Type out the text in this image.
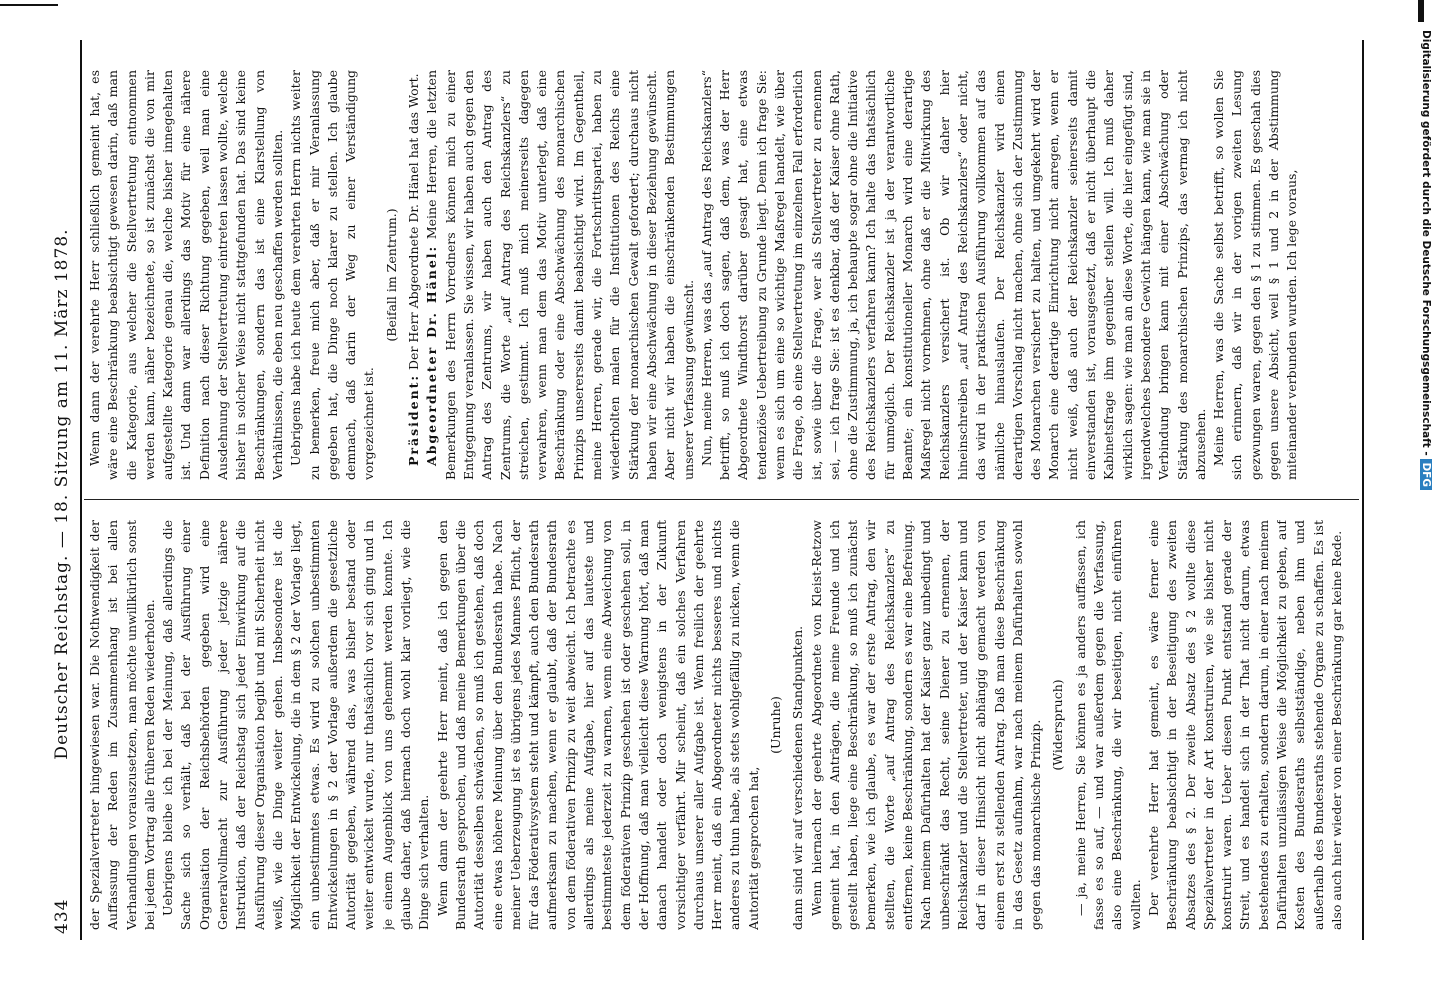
434
Deutscher Reichstag. — 18. Sitzung am 11. März 1878. der Spezialvertreter hingewiesen war. Die Nothwendigkeit der Auffassung der Reden im Zusammenhang ist bei allen Verhandlungen vorauszusetzen, man möchte unwillkürlich sonst bei jedem Vortrag alle früheren Reden wiederholen. Uebrigens bleibe ich bei der Meinung, daß allerdings die Sache sich so verhält, daß bei der Ausführung einer Organisation der Reichsbehörden gegeben wird eine Generalvollmacht zur Ausführung jeder jetzige nähere Instruktion, daß der Reichstag sich jeder Einwirkung auf die Ausführung dieser Organisation begibt und mit Sicherheit nicht weiß, wie die Dinge weiter gehen. Insbesondere ist die Möglichkeit der Entwickelung, die in dem § 2 der Vorlage liegt, ein unbestimmtes etwas. Es wird zu solchen unbestimmten Entwickelungen in § 2 der Vorlage außerdem die gesetzliche Autorität gegeben, während das, was bisher bestand oder weiter entwickelt wurde, nur thatsächlich vor sich ging und in je einem Augenblick von uns gehemmt werden konnte. Ich glaube daher, daß hiernach doch wohl klar vorliegt, wie die Dinge sich verhalten. Wenn dann der geehrte Herr meint, daß ich gegen den Bundesrath gesprochen, und daß meine Bemerkungen über die Autorität desselben schwächen, so muß ich gestehen, daß doch eine etwas höhere Meinung über den Bundesrath habe. Nach meiner Ueberzeugung ist es übrigens jedes Mannes Pflicht, der für das Föderativsystem steht und kämpft, auch den Bundesrath aufmerksam zu machen, wenn er glaubt, daß der Bundesrath von dem föderativen Prinzip zu weit abweicht. Ich betrachte es allerdings als meine Aufgabe, hier auf das lauteste und bestimmteste jederzeit zu warnen, wenn eine Abweichung von dem föderativen Prinzip geschehen ist oder geschehen soll, in der Hoffnung, daß man vielleicht diese Warnung hört, daß man danach handelt oder doch wenigstens in der Zukunft vorsichtiger verfährt. Mir scheint, daß ein solches Verfahren durchaus unserer aller Aufgabe ist. Wenn freilich der geehrte Herr meint, daß ein Abgeordneter nichts besseres und nichts anderes zu thun habe, als stets wohlgefällig zu nicken, wenn die Autorität gesprochen hat,

(Unruhe) dann sind wir auf verschiedenen Standpunkten. Wenn hiernach der geehrte Abgeordnete von Kleist-Retzow gemeint hat, in den Anträgen, die meine Freunde und ich gestellt haben, liege eine Beschränkung, so muß ich zunächst bemerken, wie ich glaube, es war der erste Antrag, den wir stellten, die Worte „auf Antrag des Reichskanzlers“ zu entfernen, keine Beschränkung, sondern es war eine Befreiung. Nach meinem Dafürhalten hat der Kaiser ganz unbedingt und unbeschränkt das Recht, seine Diener zu ernennen, der Reichskanzler und die Stellvertreter, und der Kaiser kann und darf in dieser Hinsicht nicht abhängig gemacht werden von einem erst zu stellenden Antrag. Daß man diese Beschränkung in das Gesetz aufnahm, war nach meinem Dafürhalten sowohl gegen das monarchische Prinzip. (Widerspruch) — ja, meine Herren, Sie können es ja anders auffassen, ich fasse es so auf, — und war außerdem gegen die Verfassung, also eine Beschränkung, die wir beseitigen, nicht einführen wollten. Der verehrte Herr hat gemeint, es wäre ferner eine Beschränkung beabsichtigt in der Beseitigung des zweiten Absatzes des § 2. Der zweite Absatz des § 2 wollte diese Spezialvertreter in der Art konstruiren, wie sie bisher nicht konstruirt waren. Ueber diesen Punkt entstand gerade der Streit, und es handelt sich in der That nicht darum, etwas bestehendes zu erhalten, sondern darum, in einer nach meinem Dafürhalten unzulässigen Weise die Möglichkeit zu geben, auf Kosten des Bundesraths selbstständige, neben ihm und außerhalb des Bundesraths stehende Organe zu schaffen. Es ist also auch hier wieder von einer Beschränkung gar keine Rede.

Wenn dann der verehrte Herr schließlich gemeint hat, es wäre eine Beschränkung beabsichtigt gewesen darin, daß man die Kategorie, aus welcher die Stellvertretung entnommen werden kann, näher bezeichnete, so ist zunächst die von mir aufgestellte Kategorie genau die, welche bisher innegehalten ist. Und dann war allerdings das Motiv für eine nähere Definition nach dieser Richtung gegeben, weil man eine Ausdehnung der Stellvertretung eintreten lassen wollte, welche bisher in solcher Weise nicht stattgefunden hat. Das sind keine Beschränkungen, sondern das ist eine Klarstellung von Verhältnissen, die eben neu geschaffen werden sollten. Uebrigens habe ich heute dem verehrten Herrn nichts weiter zu bemerken, freue mich aber, daß er mir Veranlassung gegeben hat, die Dinge noch klarer zu stellen. Ich glaube demnach, daß darin der Weg zu einer Verständigung vorgezeichnet ist.

(Beifall im Zentrum.)

Präsident: Der Herr Abgeordnete Dr. Hänel hat das Wort. Abgeordneter Dr. Hänel: Meine Herren, die letzten Bemerkungen des Herrn Vorredners können mich zu einer Entgegnung veranlassen. Sie wissen, wir haben auch gegen den Antrag des Zentrums, wir haben auch den Antrag des Zentrums, die Worte „auf Antrag des Reichskanzlers“ zu streichen, gestimmt. Ich muß mich meinerseits dagegen verwahren, wenn man dem das Motiv unterlegt, daß eine Beschränkung oder eine Abschwächung des monarchischen Prinzips unsererseits damit beabsichtigt wird. Im Gegentheil, meine Herren, gerade wir, die Fortschrittspartei, haben zu wiederholten malen für die Institutionen des Reichs eine Stärkung der monarchischen Gewalt gefordert; durchaus nicht haben wir eine Abschwächung in dieser Beziehung gewünscht. Aber nicht wir haben die einschränkenden Bestimmungen unserer Verfassung gewünscht. Nun, meine Herren, was das „auf Antrag des Reichskanzlers“ betrifft, so muß ich doch sagen, daß dem, was der Herr Abgeordnete Windthorst darüber gesagt hat, eine etwas tendenziöse Uebertreibung zu Grunde liegt. Denn ich frage Sie: wenn es sich um eine so wichtige Maßregel handelt, wie über die Frage, ob eine Stellvertretung im einzelnen Fall erforderlich ist, sowie über die Frage, wer als Stellvertreter zu ernennen sei, — ich frage Sie: ist es denkbar, daß der Kaiser ohne Rath, ohne die Zustimmung, ja, ich behaupte sogar ohne die Initiative des Reichskanzlers verfahren kann? Ich halte das thatsächlich für unmöglich. Der Reichskanzler ist ja der verantwortliche Beamte; ein konstitutioneller Monarch wird eine derartige Maßregel nicht vornehmen, ohne daß er die Mitwirkung des Reichskanzlers versichert ist. Ob wir daher hier hineinschreiben „auf Antrag des Reichskanzlers“ oder nicht, das wird in der praktischen Ausführung vollkommen auf das nämliche hinauslaufen. Der Reichskanzler wird einen derartigen Vorschlag nicht machen, ohne sich der Zustimmung des Monarchen versichert zu halten, und umgekehrt wird der Monarch eine derartige Einrichtung nicht anregen, wenn er nicht weiß, daß auch der Reichskanzler seinerseits damit einverstanden ist, vorausgesetzt, daß er nicht überhaupt die Kabinetsfrage ihm gegenüber stellen will. Ich muß daher wirklich sagen: wie man an diese Worte, die hier eingefügt sind, irgendwelches besondere Gewicht hängen kann, wie man sie in Verbindung bringen kann mit einer Abschwächung oder Stärkung des monarchischen Prinzips, das vermag ich nicht abzusehen. Meine Herren, was die Sache selbst betrifft, so wollen Sie sich erinnern, daß wir in der vorigen zweiten Lesung gezwungen waren, gegen den § 1 zu stimmen. Es geschah dies gegen unsere Absicht, weil § 1 und 2 in der Abstimmung miteinander verbunden wurden. Ich lege voraus,	Digitalisierung gefördert durch die Deutsche Forschungsgemeinschaft - DFG
